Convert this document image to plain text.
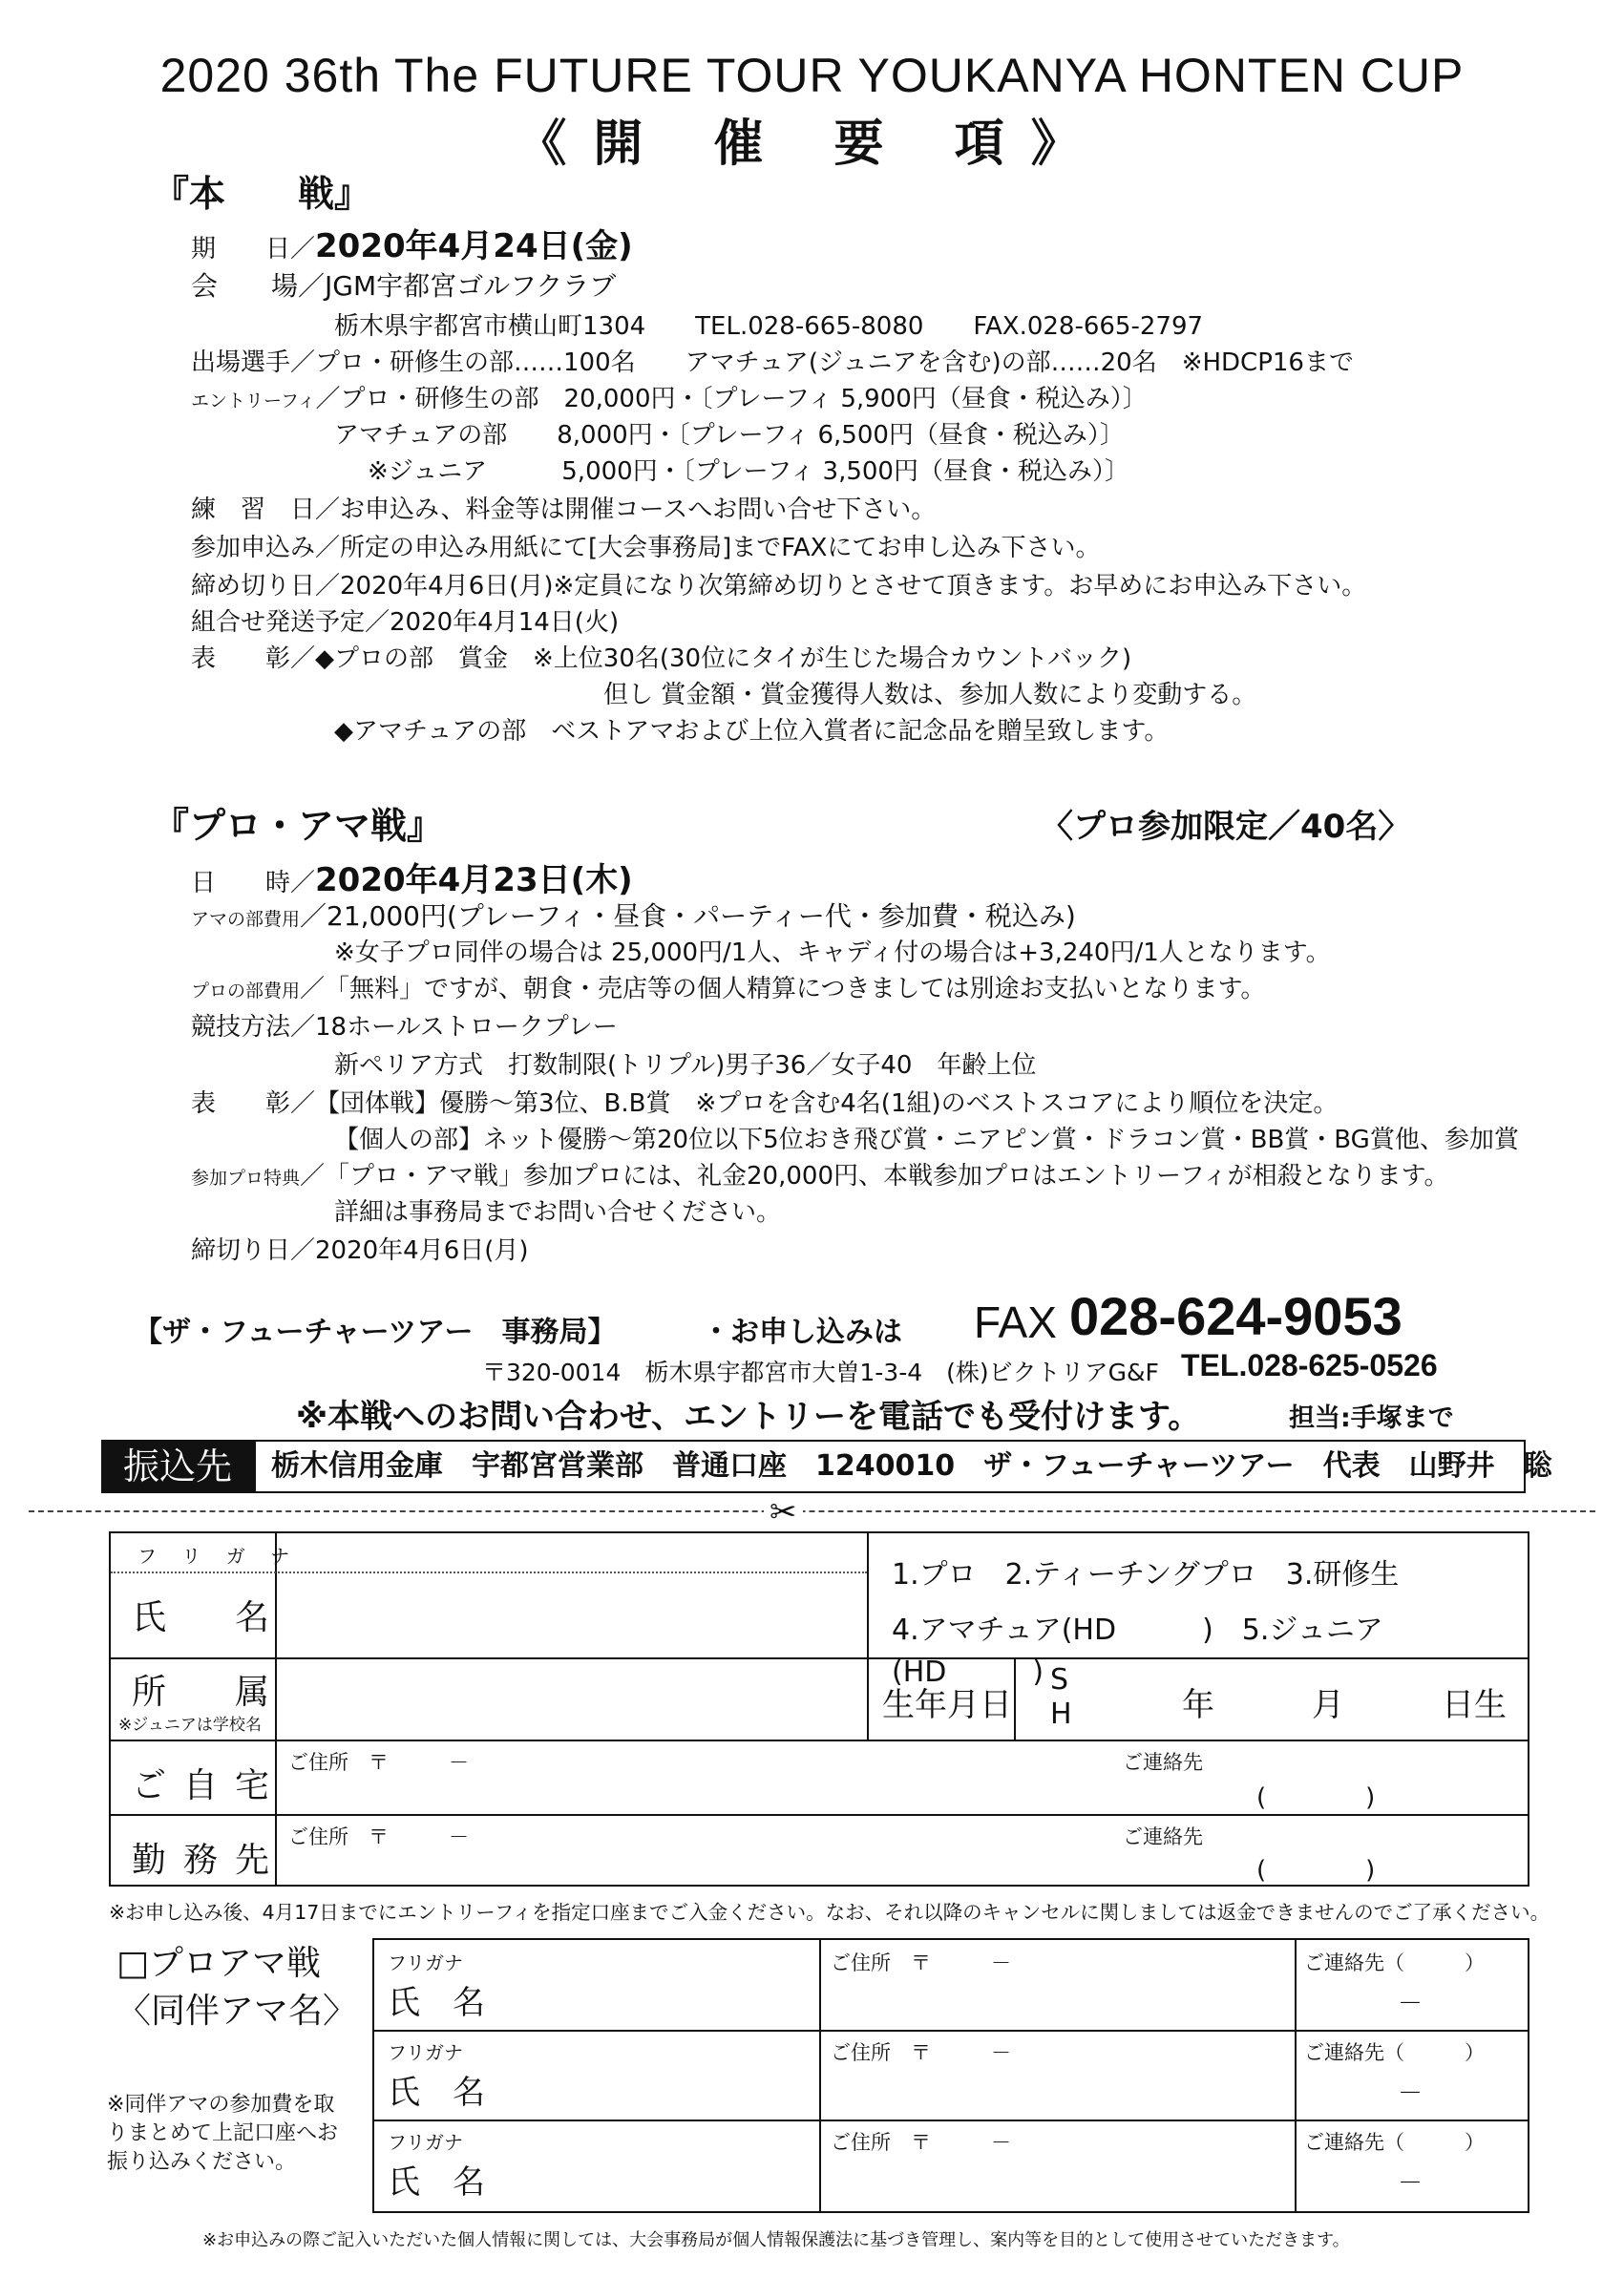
2020 36th The FUTURE TOUR YOUKANYA HONTEN CUP
《開 催 要 項》
『本　　戦』
期　　日／2020年4月24日(金)
会　　場／JGM宇都宮ゴルフクラブ
栃木県宇都宮市横山町1304　　TEL.028-665-8080　　FAX.028-665-2797
出場選手／プロ・研修生の部……100名　　アマチュア(ジュニアを含む)の部……20名　※HDCP16まで
エントリーフィ／プロ・研修生の部　20,000円・〔プレーフィ 5,900円（昼食・税込み）〕
アマチュアの部　　8,000円・〔プレーフィ 6,500円（昼食・税込み）〕
※ジュニア　　　5,000円・〔プレーフィ 3,500円（昼食・税込み）〕
練　習　日／お申込み、料金等は開催コースへお問い合せ下さい。
参加申込み／所定の申込み用紙にて[大会事務局]までFAXにてお申し込み下さい。
締め切り日／2020年4月6日(月)※定員になり次第締め切りとさせて頂きます。お早めにお申込み下さい。
組合せ発送予定／2020年4月14日(火)
表　　彰／◆プロの部　賞金　※上位30名(30位にタイが生じた場合カウントバック)
但し 賞金額・賞金獲得人数は、参加人数により変動する。
◆アマチュアの部　ベストアマおよび上位入賞者に記念品を贈呈致します。
『プロ・アマ戦』	〈プロ参加限定／40名〉
日　　時／2020年4月23日(木)
アマの部費用／21,000円(プレーフィ・昼食・パーティー代・参加費・税込み)
※女子プロ同伴の場合は 25,000円/1人、キャディ付の場合は+3,240円/1人となります。
プロの部費用／「無料」ですが、朝食・売店等の個人精算につきましては別途お支払いとなります。
競技方法／18ホールストロークプレー
新ペリア方式　打数制限(トリプル)男子36／女子40　年齢上位
表　　彰／【団体戦】優勝～第3位、B.B賞　※プロを含む4名(1組)のベストスコアにより順位を決定。
【個人の部】ネット優勝～第20位以下5位おき飛び賞・ニアピン賞・ドラコン賞・BB賞・BG賞他、参加賞
参加プロ特典／「プロ・アマ戦」参加プロには、礼金20,000円、本戦参加プロはエントリーフィが相殺となります。
詳細は事務局までお問い合せください。
締切り日／2020年4月6日(月)
【ザ・フューチャーツアー　事務局】	・お申し込みは FAX 028-624-9053
〒320-0014　栃木県宇都宮市大曽1-3-4　(株)ビクトリアG&F TEL.028-625-0526
※本戦へのお問い合わせ、エントリーを電話でも受付けます。	担当:手塚まで
振込先	栃木信用金庫　宇都宮営業部　普通口座　1240010　ザ・フューチャーツアー　代表　山野井　聡
✂
フ リ ガ ナ
氏　名
1.プロ　2.ティーチングプロ　3.研修生
4.アマチュア(HD　　　)　5.ジュニア(HD　　　)
所　属
※ジュニアは学校名
生年月日
S
H	年　　　月　　　日生
ご自宅
ご住所　〒　　　－	ご連絡先
(　　　　)
勤務先
ご住所　〒　　　－	ご連絡先
(　　　　)
※お申し込み後、4月17日までにエントリーフィを指定口座までご入金ください。なお、それ以降のキャンセルに関しましては返金できませんのでご了承ください。
□プロアマ戦
〈同伴アマ名〉
※同伴アマの参加費を取りまとめて上記口座へお振り込みください。
フリガナ
氏　名
ご住所　〒　　　－	ご連絡先（　　　）
－
フリガナ
氏　名
ご住所　〒　　　－	ご連絡先（　　　）
－
フリガナ
氏　名
ご住所　〒　　　－	ご連絡先（　　　）
－
※お申込みの際ご記入いただいた個人情報に関しては、大会事務局が個人情報保護法に基づき管理し、案内等を目的として使用させていただきます。
